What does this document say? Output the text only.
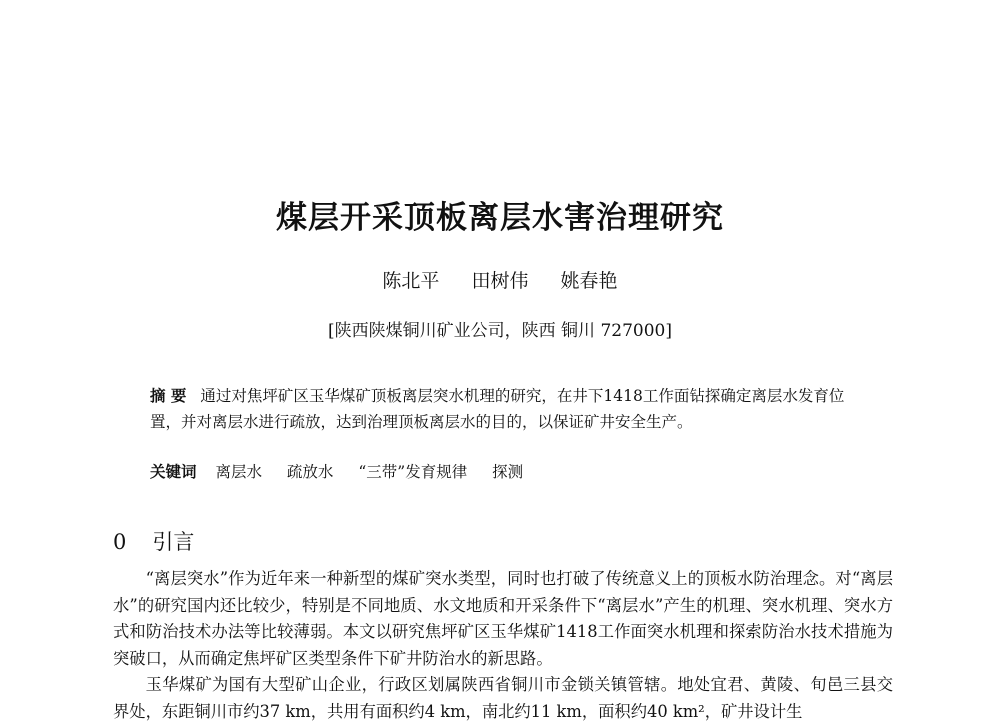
煤层开采顶板离层水害治理研究
陈北平 田树伟 姚春艳
[陕西陕煤铜川矿业公司，陕西 铜川 727000]
摘 要 通过对焦坪矿区玉华煤矿顶板离层突水机理的研究，在井下1418工作面钻探确定离层水发育位置，并对离层水进行疏放，达到治理顶板离层水的目的，以保证矿井安全生产。
关键词 离层水 疏放水 “三带”发育规律 探测
0 引言

“离层突水”作为近年来一种新型的煤矿突水类型，同时也打破了传统意义上的顶板水防治理念。对“离层水”的研究国内还比较少，特别是不同地质、水文地质和开采条件下“离层水”产生的机理、突水机理、突水方式和防治技术办法等比较薄弱。本文以研究焦坪矿区玉华煤矿1418工作面突水机理和探索防治水技术措施为突破口，从而确定焦坪矿区类型条件下矿井防治水的新思路。

玉华煤矿为国有大型矿山企业，行政区划属陕西省铜川市金锁关镇管辖。地处宜君、黄陵、旬邑三县交界处，东距铜川市约37 km，共用有面积约4 km，南北约11 km，面积约40 km²，矿井设计生
